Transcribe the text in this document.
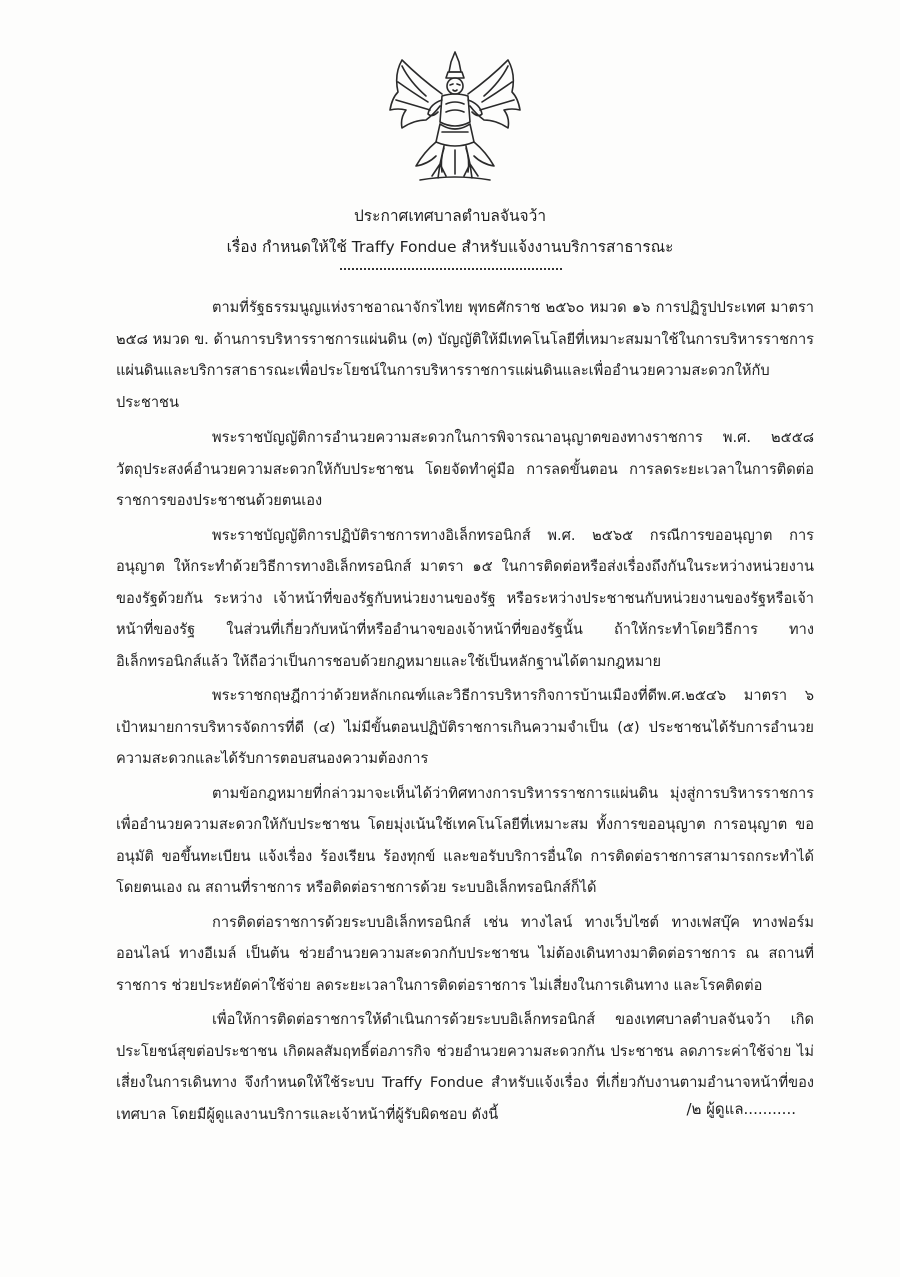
ประกาศเทศบาลตำบลจันจว้า
เรื่อง กำหนดให้ใช้ Traffy Fondue สำหรับแจ้งงานบริการสาธารณะ

ตามที่รัฐธรรมนูญแห่งราชอาณาจักรไทย พุทธศักราช ๒๕๖๐ หมวด ๑๖ การปฏิรูปประเทศ มาตรา ๒๕๘ หมวด ข. ด้านการบริหารราชการแผ่นดิน (๓) บัญญัติให้มีเทคโนโลยีที่เหมาะสมมาใช้ในการบริหารราชการแผ่นดินและบริการสาธารณะเพื่อประโยชน์ในการบริหารราชการแผ่นดินและเพื่ออำนวยความสะดวกให้กับประชาชน

พระราชบัญญัติการอำนวยความสะดวกในการพิจารณาอนุญาตของทางราชการ พ.ศ. ๒๕๕๘ วัตถุประสงค์อำนวยความสะดวกให้กับประชาชน โดยจัดทำคู่มือ การลดขั้นตอน การลดระยะเวลาในการติดต่อราชการของประชาชนด้วยตนเอง

พระราชบัญญัติการปฏิบัติราชการทางอิเล็กทรอนิกส์ พ.ศ. ๒๕๖๕ กรณีการขออนุญาต การอนุญาต ให้กระทำด้วยวิธีการทางอิเล็กทรอนิกส์ มาตรา ๑๕ ในการติดต่อหรือส่งเรื่องถึงกันในระหว่างหน่วยงานของรัฐด้วยกัน ระหว่าง เจ้าหน้าที่ของรัฐกับหน่วยงานของรัฐ หรือระหว่างประชาชนกับหน่วยงานของรัฐหรือเจ้าหน้าที่ของรัฐ ในส่วนที่เกี่ยวกับหน้าที่หรืออำนาจของเจ้าหน้าที่ของรัฐนั้น ถ้าให้กระทำโดยวิธีการ ทางอิเล็กทรอนิกส์แล้ว ให้ถือว่าเป็นการชอบด้วยกฎหมายและใช้เป็นหลักฐานได้ตามกฎหมาย

พระราชกฤษฎีกาว่าด้วยหลักเกณฑ์และวิธีการบริหารกิจการบ้านเมืองที่ดีพ.ศ.๒๕๔๖ มาตรา ๖ เป้าหมายการบริหารจัดการที่ดี (๔) ไม่มีขั้นตอนปฏิบัติราชการเกินความจำเป็น (๕) ประชาชนได้รับการอำนวยความสะดวกและได้รับการตอบสนองความต้องการ

ตามข้อกฎหมายที่กล่าวมาจะเห็นได้ว่าทิศทางการบริหารราชการแผ่นดิน มุ่งสู่การบริหารราชการเพื่ออำนวยความสะดวกให้กับประชาชน โดยมุ่งเน้นใช้เทคโนโลยีที่เหมาะสม ทั้งการขออนุญาต การอนุญาต ขออนุมัติ ขอขึ้นทะเบียน แจ้งเรื่อง ร้องเรียน ร้องทุกข์ และขอรับบริการอื่นใด การติดต่อราชการสามารถกระทำได้โดยตนเอง ณ สถานที่ราชการ หรือติดต่อราชการด้วย ระบบอิเล็กทรอนิกส์ก็ได้

การติดต่อราชการด้วยระบบอิเล็กทรอนิกส์ เช่น ทางไลน์ ทางเว็บไซต์ ทางเฟสบุ๊ค ทางฟอร์มออนไลน์ ทางอีเมล์ เป็นต้น ช่วยอำนวยความสะดวกกับประชาชน ไม่ต้องเดินทางมาติดต่อราชการ ณ สถานที่ราชการ ช่วยประหยัดค่าใช้จ่าย ลดระยะเวลาในการติดต่อราชการ ไม่เสี่ยงในการเดินทาง และโรคติดต่อ

เพื่อให้การติดต่อราชการให้ดำเนินการด้วยระบบอิเล็กทรอนิกส์ ของเทศบาลตำบลจันจว้า เกิดประโยชน์สุขต่อประชาชน เกิดผลสัมฤทธิ์ต่อภารกิจ ช่วยอำนวยความสะดวกกัน ประชาชน ลดภาระค่าใช้จ่าย ไม่เสี่ยงในการเดินทาง จึงกำหนดให้ใช้ระบบ Traffy Fondue สำหรับแจ้งเรื่อง ที่เกี่ยวกับงานตามอำนาจหน้าที่ของเทศบาล โดยมีผู้ดูแลงานบริการและเจ้าหน้าที่ผู้รับผิดชอบ ดังนี้	/๒ ผู้ดูแล...........
